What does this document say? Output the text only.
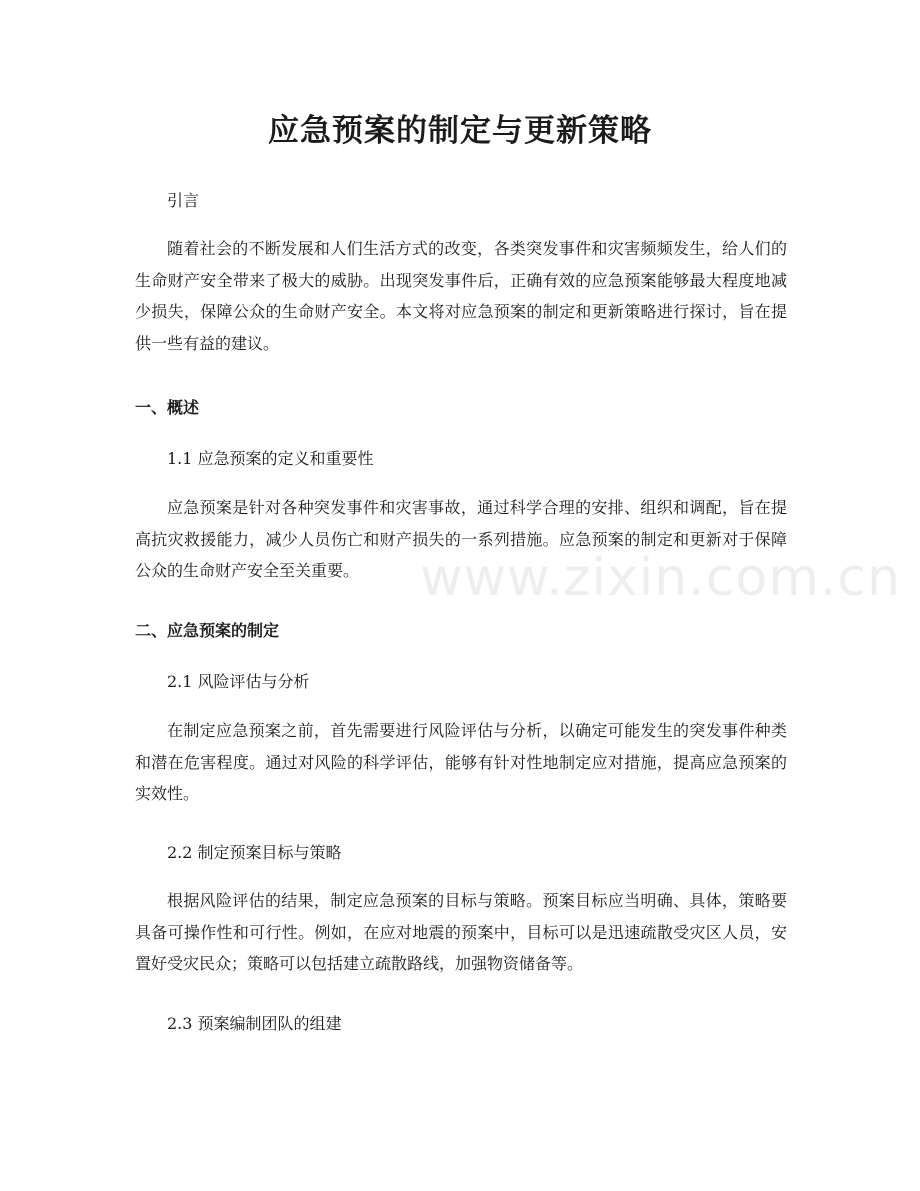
应急预案的制定与更新策略

引言

随着社会的不断发展和人们生活方式的改变，各类突发事件和灾害频频发生，给人们的生命财产安全带来了极大的威胁。出现突发事件后，正确有效的应急预案能够最大程度地减少损失，保障公众的生命财产安全。本文将对应急预案的制定和更新策略进行探讨，旨在提供一些有益的建议。

一、概述

1.1 应急预案的定义和重要性

应急预案是针对各种突发事件和灾害事故，通过科学合理的安排、组织和调配，旨在提高抗灾救援能力，减少人员伤亡和财产损失的一系列措施。应急预案的制定和更新对于保障公众的生命财产安全至关重要。

二、应急预案的制定

2.1 风险评估与分析

在制定应急预案之前，首先需要进行风险评估与分析，以确定可能发生的突发事件种类和潜在危害程度。通过对风险的科学评估，能够有针对性地制定应对措施，提高应急预案的实效性。

2.2 制定预案目标与策略

根据风险评估的结果，制定应急预案的目标与策略。预案目标应当明确、具体，策略要具备可操作性和可行性。例如，在应对地震的预案中，目标可以是迅速疏散受灾区人员，安置好受灾民众；策略可以包括建立疏散路线，加强物资储备等。

2.3 预案编制团队的组建

www.zixin.com.cn
